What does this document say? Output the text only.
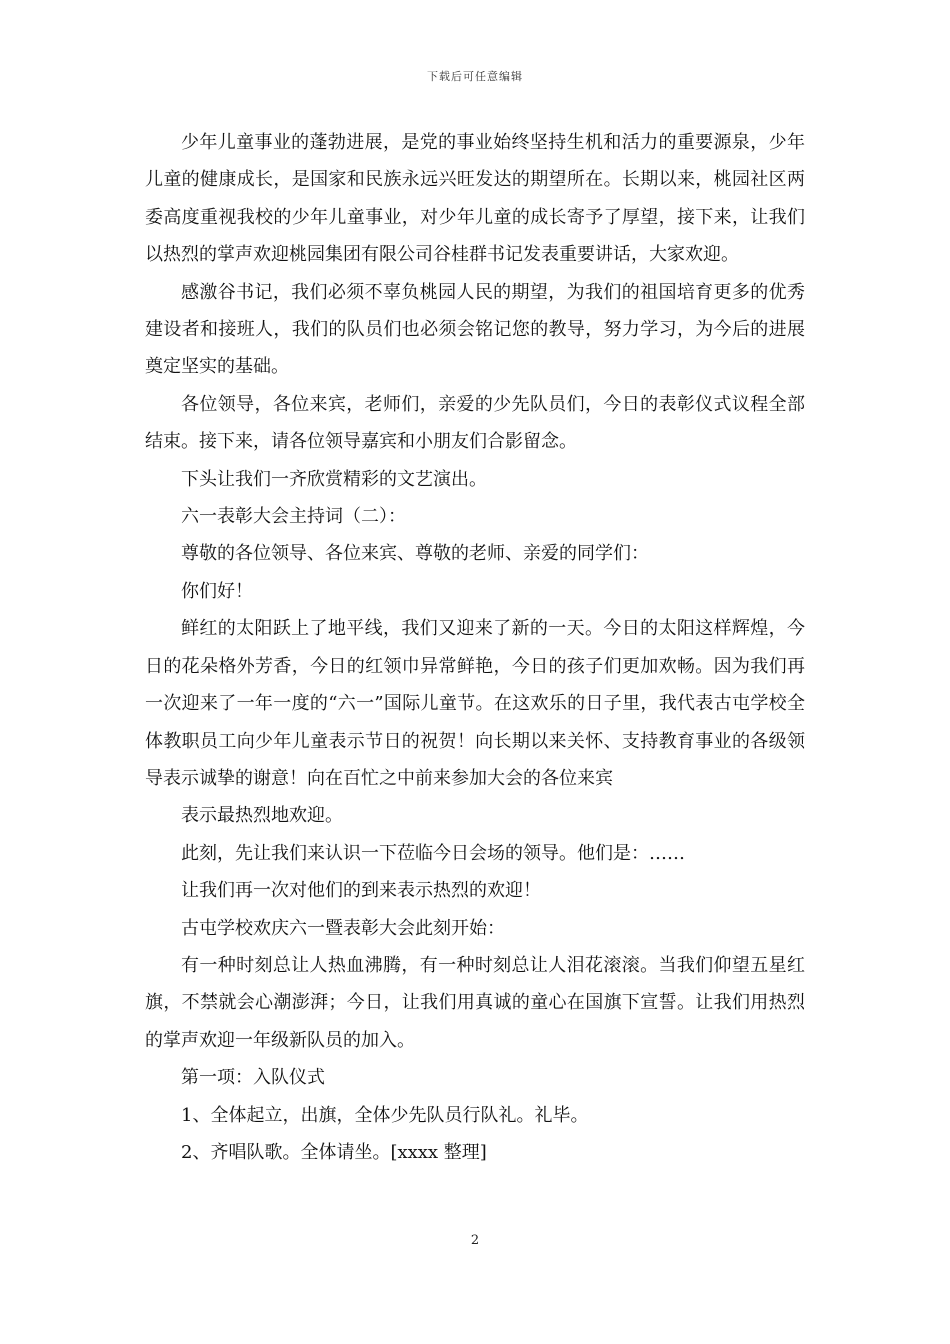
下载后可任意编辑

少年儿童事业的蓬勃进展，是党的事业始终坚持生机和活力的重要源泉，少年儿童的健康成长，是国家和民族永远兴旺发达的期望所在。长期以来，桃园社区两委高度重视我校的少年儿童事业，对少年儿童的成长寄予了厚望，接下来，让我们以热烈的掌声欢迎桃园集团有限公司谷桂群书记发表重要讲话，大家欢迎。

感激谷书记，我们必须不辜负桃园人民的期望，为我们的祖国培育更多的优秀建设者和接班人，我们的队员们也必须会铭记您的教导，努力学习，为今后的进展奠定坚实的基础。

各位领导，各位来宾，老师们，亲爱的少先队员们，今日的表彰仪式议程全部结束。接下来，请各位领导嘉宾和小朋友们合影留念。

下头让我们一齐欣赏精彩的文艺演出。

六一表彰大会主持词（二）：

尊敬的各位领导、各位来宾、尊敬的老师、亲爱的同学们：

你们好！

鲜红的太阳跃上了地平线，我们又迎来了新的一天。今日的太阳这样辉煌，今日的花朵格外芳香，今日的红领巾异常鲜艳，今日的孩子们更加欢畅。因为我们再一次迎来了一年一度的“六一”国际儿童节。在这欢乐的日子里，我代表古屯学校全体教职员工向少年儿童表示节日的祝贺！向长期以来关怀、支持教育事业的各级领导表示诚挚的谢意！向在百忙之中前来参加大会的各位来宾

表示最热烈地欢迎。

此刻，先让我们来认识一下莅临今日会场的领导。他们是：……

让我们再一次对他们的到来表示热烈的欢迎！

古屯学校欢庆六一暨表彰大会此刻开始：

有一种时刻总让人热血沸腾，有一种时刻总让人泪花滚滚。当我们仰望五星红旗，不禁就会心潮澎湃；今日，让我们用真诚的童心在国旗下宣誓。让我们用热烈的掌声欢迎一年级新队员的加入。

第一项：入队仪式

1、全体起立，出旗，全体少先队员行队礼。礼毕。

2、齐唱队歌。全体请坐。[xxxx 整理]

2
